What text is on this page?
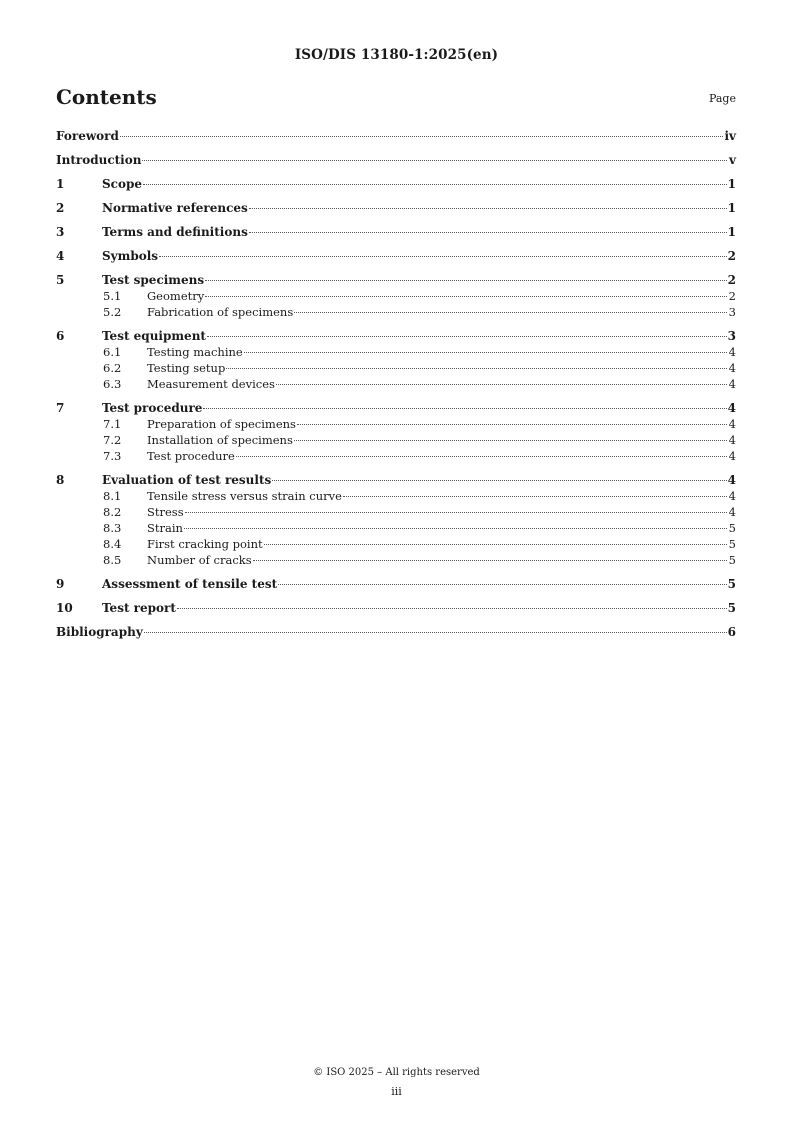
ISO/DIS 13180-1:2025(en)
Contents	Page
Foreword	iv
Introduction	v
1	Scope	1
2	Normative references	1
3	Terms and definitions	1
4	Symbols	2
5	Test specimens	2
5.1	Geometry	2
5.2	Fabrication of specimens	3
6	Test equipment	3
6.1	Testing machine	4
6.2	Testing setup	4
6.3	Measurement devices	4
7	Test procedure	4
7.1	Preparation of specimens	4
7.2	Installation of specimens	4
7.3	Test procedure	4
8	Evaluation of test results	4
8.1	Tensile stress versus strain curve	4
8.2	Stress	4
8.3	Strain	5
8.4	First cracking point	5
8.5	Number of cracks	5
9	Assessment of tensile test	5
10	Test report	5
Bibliography	6
© ISO 2025 – All rights reserved
iii
